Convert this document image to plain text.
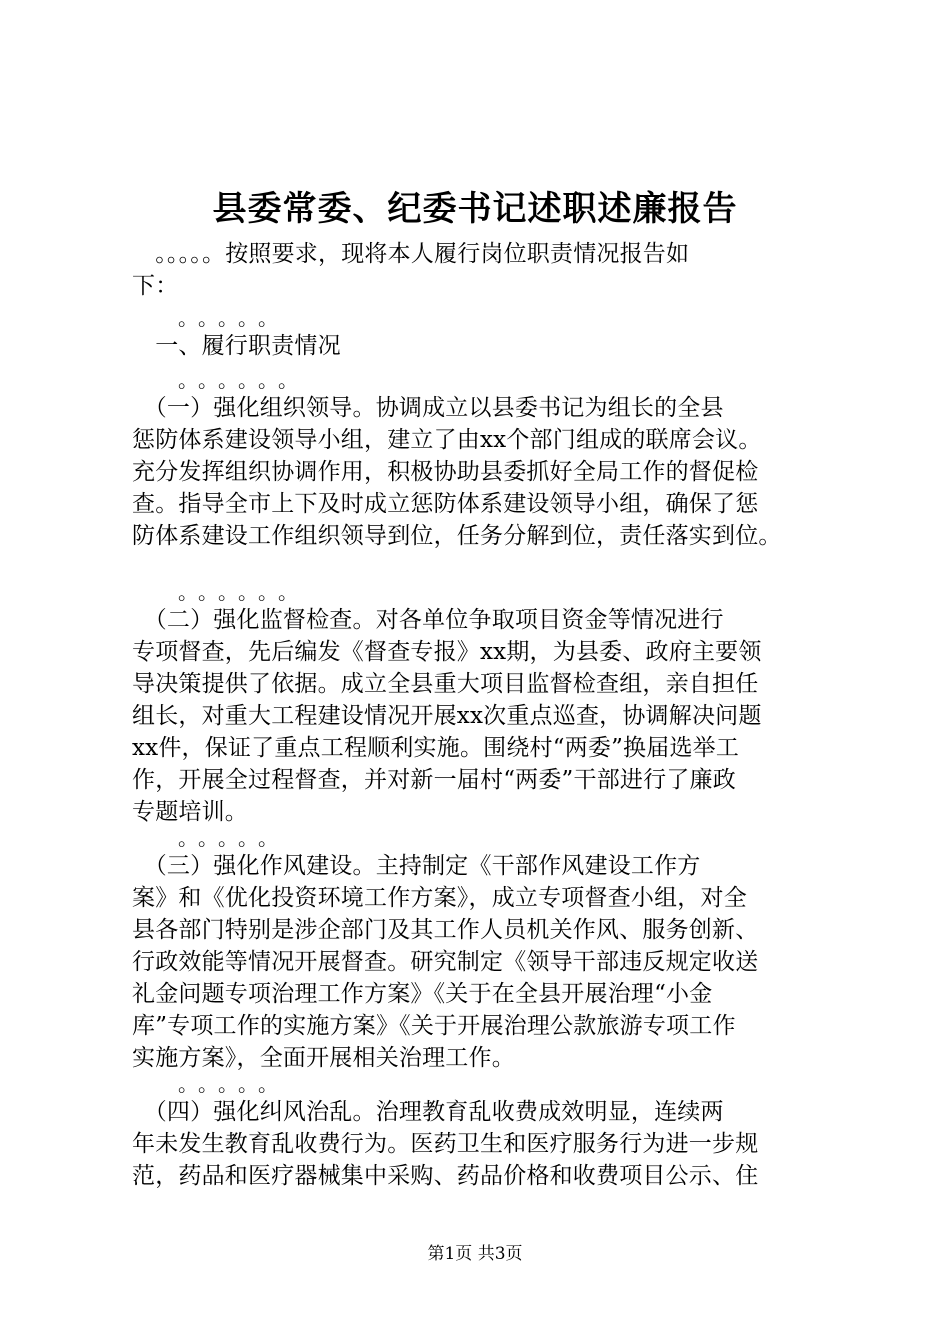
县委常委、纪委书记述职述廉报告
　。。。。。按照要求，现将本人履行岗位职责情况报告如
下：
。。。。。
　一、履行职责情况
。。。。。。
　（一）强化组织领导。协调成立以县委书记为组长的全县
惩防体系建设领导小组，建立了由xx个部门组成的联席会议。
充分发挥组织协调作用，积极协助县委抓好全局工作的督促检
查。指导全市上下及时成立惩防体系建设领导小组，确保了惩
防体系建设工作组织领导到位，任务分解到位，责任落实到位。
。。。。。。
　（二）强化监督检查。对各单位争取项目资金等情况进行
专项督查，先后编发《督查专报》xx期，为县委、政府主要领
导决策提供了依据。成立全县重大项目监督检查组，亲自担任
组长，对重大工程建设情况开展xx次重点巡查，协调解决问题
xx件，保证了重点工程顺利实施。围绕村“两委”换届选举工
作，开展全过程督查，并对新一届村“两委”干部进行了廉政
专题培训。
。。。。。
　（三）强化作风建设。主持制定《干部作风建设工作方
案》和《优化投资环境工作方案》，成立专项督查小组，对全
县各部门特别是涉企部门及其工作人员机关作风、服务创新、
行政效能等情况开展督查。研究制定《领导干部违反规定收送
礼金问题专项治理工作方案》《关于在全县开展治理“小金
库”专项工作的实施方案》《关于开展治理公款旅游专项工作
实施方案》，全面开展相关治理工作。
。。。。。
　（四）强化纠风治乱。治理教育乱收费成效明显，连续两
年未发生教育乱收费行为。医药卫生和医疗服务行为进一步规
范，药品和医疗器械集中采购、药品价格和收费项目公示、住
第1页 共3页
